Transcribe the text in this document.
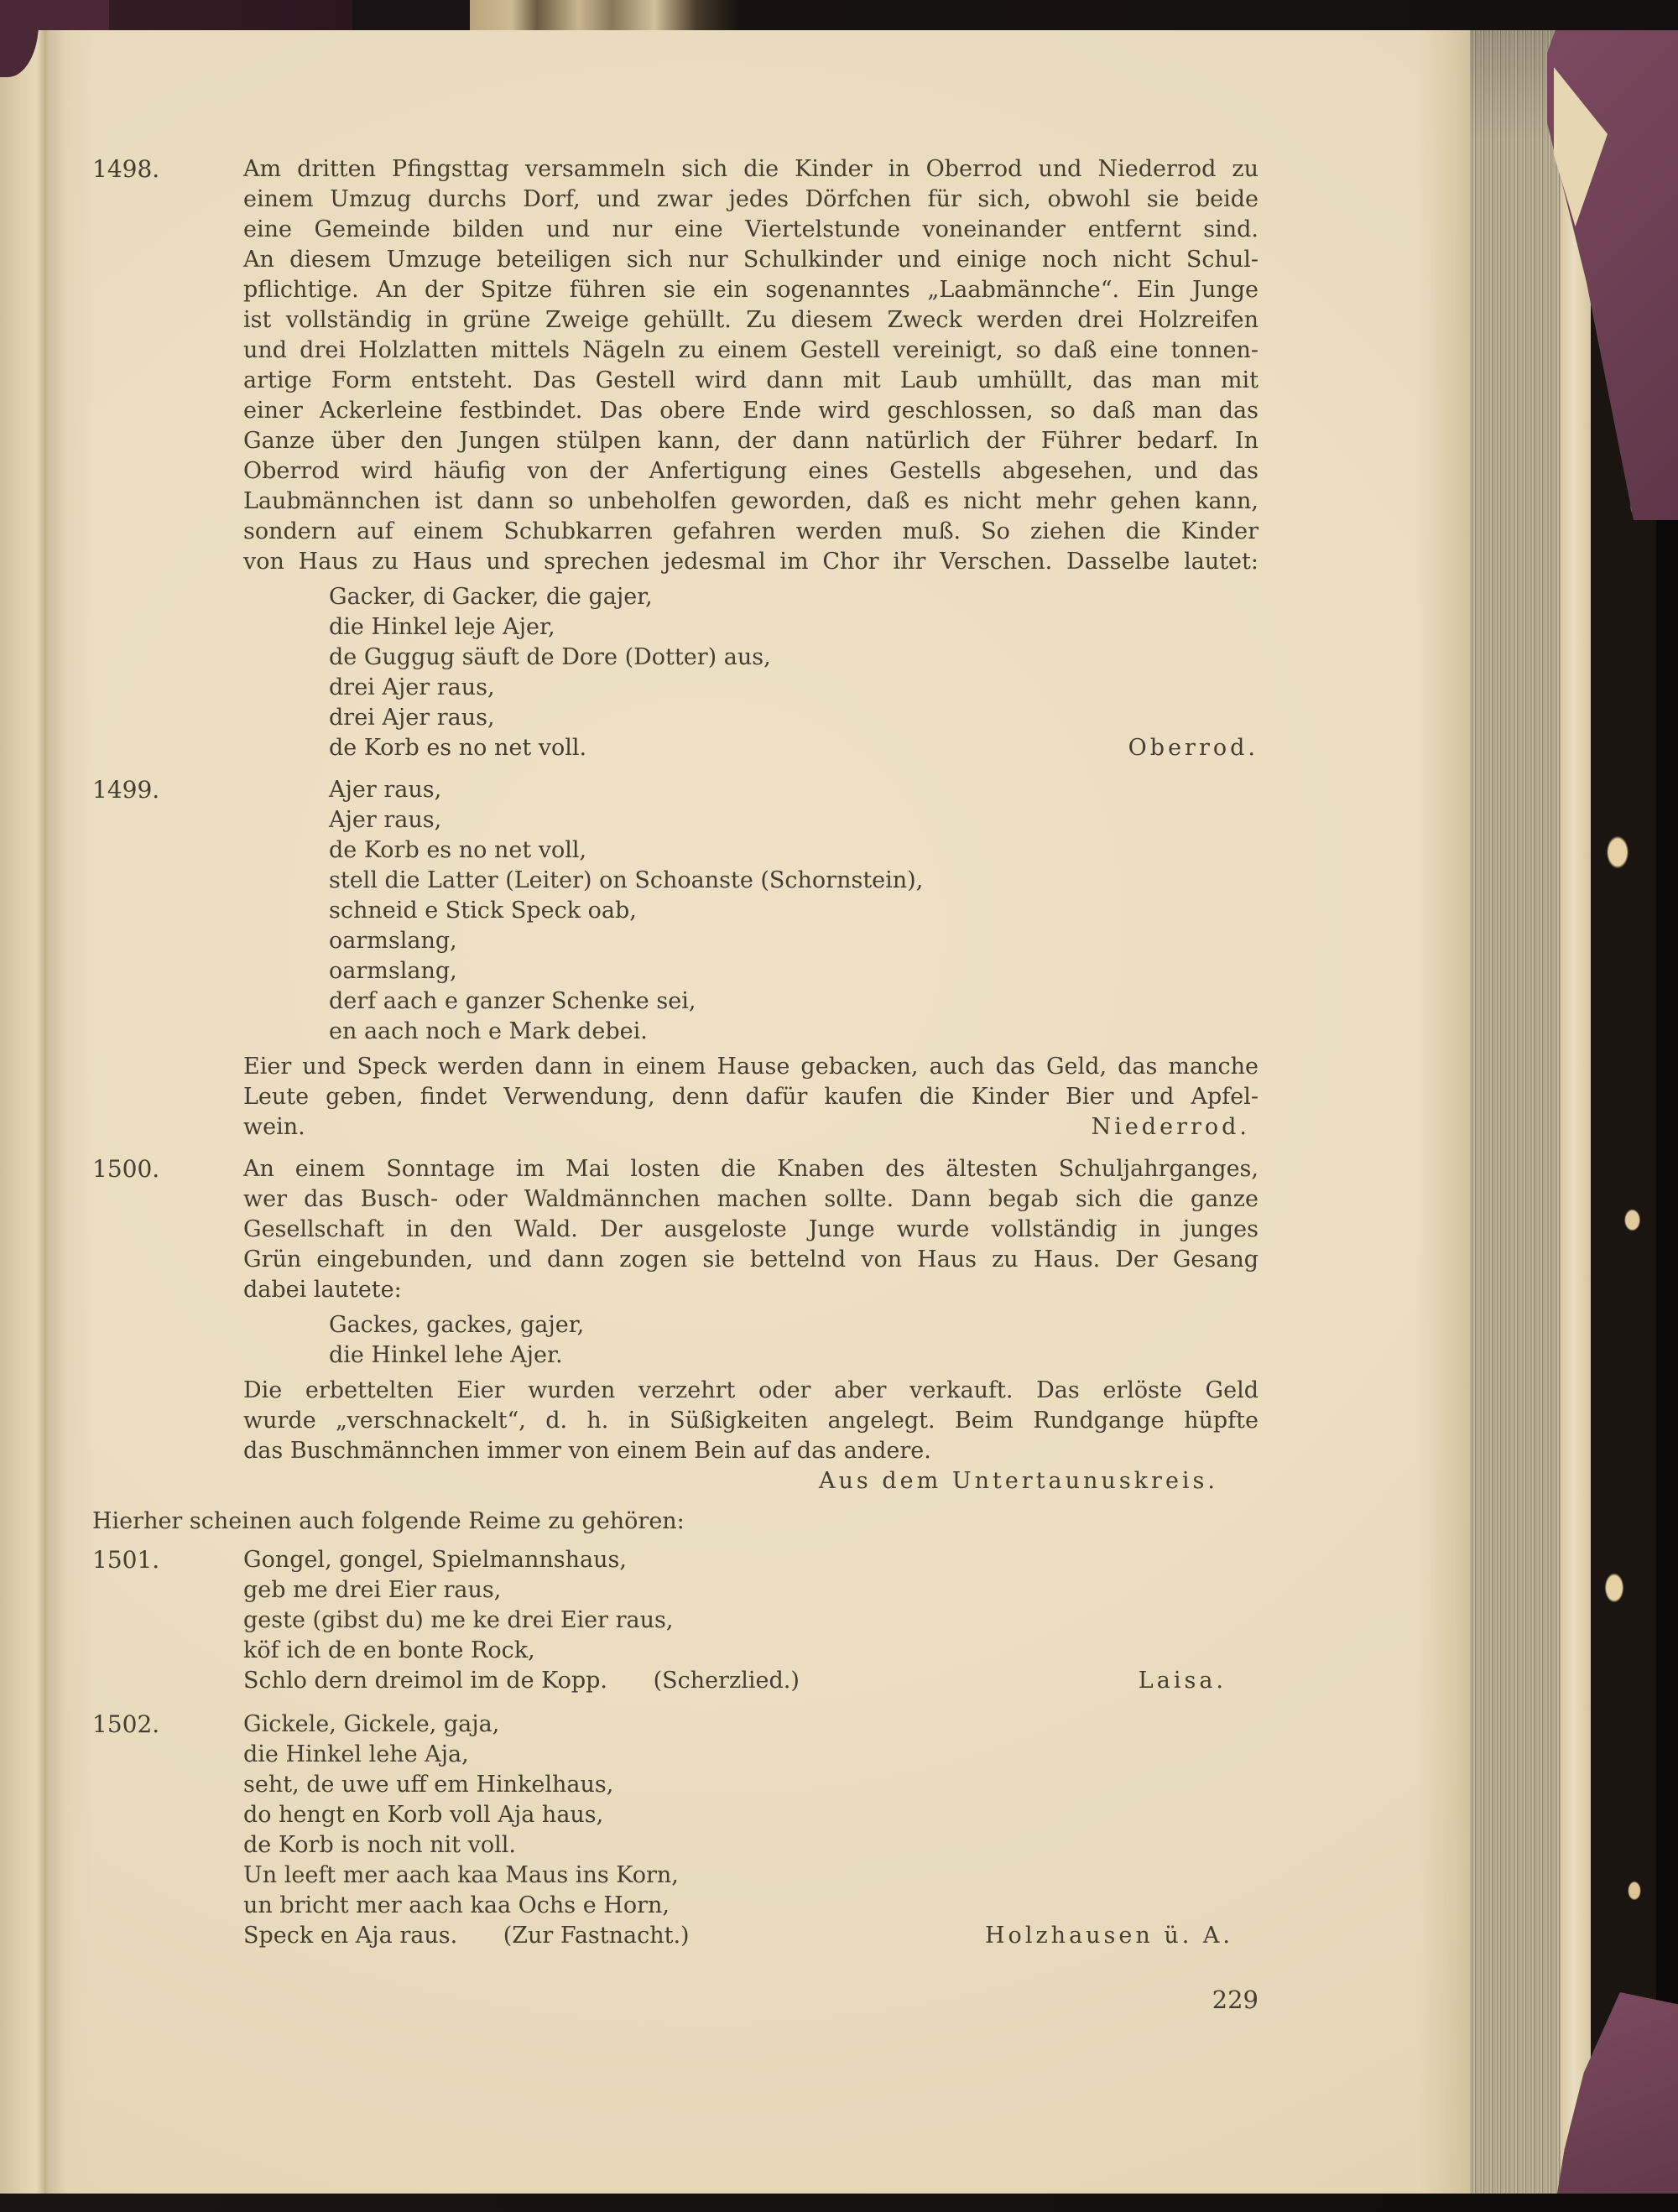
1498.	Am dritten Pfingsttag versammeln sich die Kinder in Oberrod und Niederrod zu
einem Umzug durchs Dorf, und zwar jedes Dörfchen für sich, obwohl sie beide
eine Gemeinde bilden und nur eine Viertelstunde voneinander entfernt sind.
An diesem Umzuge beteiligen sich nur Schulkinder und einige noch nicht Schul-
pflichtige. An der Spitze führen sie ein sogenanntes „Laabmännche“. Ein Junge
ist vollständig in grüne Zweige gehüllt. Zu diesem Zweck werden drei Holzreifen
und drei Holzlatten mittels Nägeln zu einem Gestell vereinigt, so daß eine tonnen-
artige Form entsteht. Das Gestell wird dann mit Laub umhüllt, das man mit
einer Ackerleine festbindet. Das obere Ende wird geschlossen, so daß man das
Ganze über den Jungen stülpen kann, der dann natürlich der Führer bedarf. In
Oberrod wird häufig von der Anfertigung eines Gestells abgesehen, und das
Laubmännchen ist dann so unbeholfen geworden, daß es nicht mehr gehen kann,
sondern auf einem Schubkarren gefahren werden muß. So ziehen die Kinder
von Haus zu Haus und sprechen jedesmal im Chor ihr Verschen. Dasselbe lautet:
Gacker, di Gacker, die gajer,
die Hinkel leje Ajer,
de Guggug säuft de Dore (Dotter) aus,
drei Ajer raus,
drei Ajer raus,
de Korb es no net voll.	Oberrod.
1499.	Ajer raus,
Ajer raus,
de Korb es no net voll,
stell die Latter (Leiter) on Schoanste (Schornstein),
schneid e Stick Speck oab,
oarmslang,
oarmslang,
derf aach e ganzer Schenke sei,
en aach noch e Mark debei.
Eier und Speck werden dann in einem Hause gebacken, auch das Geld, das manche
Leute geben, findet Verwendung, denn dafür kaufen die Kinder Bier und Apfel-
wein.	Niederrod.
1500.	An einem Sonntage im Mai losten die Knaben des ältesten Schuljahrganges,
wer das Busch- oder Waldmännchen machen sollte. Dann begab sich die ganze
Gesellschaft in den Wald. Der ausgeloste Junge wurde vollständig in junges
Grün eingebunden, und dann zogen sie bettelnd von Haus zu Haus. Der Gesang
dabei lautete:
Gackes, gackes, gajer,
die Hinkel lehe Ajer.
Die erbettelten Eier wurden verzehrt oder aber verkauft. Das erlöste Geld
wurde „verschnackelt“, d. h. in Süßigkeiten angelegt. Beim Rundgange hüpfte
das Buschmännchen immer von einem Bein auf das andere.
Aus dem Untertaunuskreis.
Hierher scheinen auch folgende Reime zu gehören:
1501.	Gongel, gongel, Spielmannshaus,
geb me drei Eier raus,
geste (gibst du) me ke drei Eier raus,
köf ich de en bonte Rock,
Schlo dern dreimol im de Kopp. (Scherzlied.)	Laisa.
1502.	Gickele, Gickele, gaja,
die Hinkel lehe Aja,
seht, de uwe uff em Hinkelhaus,
do hengt en Korb voll Aja haus,
de Korb is noch nit voll.
Un leeft mer aach kaa Maus ins Korn,
un bricht mer aach kaa Ochs e Horn,
Speck en Aja raus. (Zur Fastnacht.)	Holzhausen ü. A.
229
